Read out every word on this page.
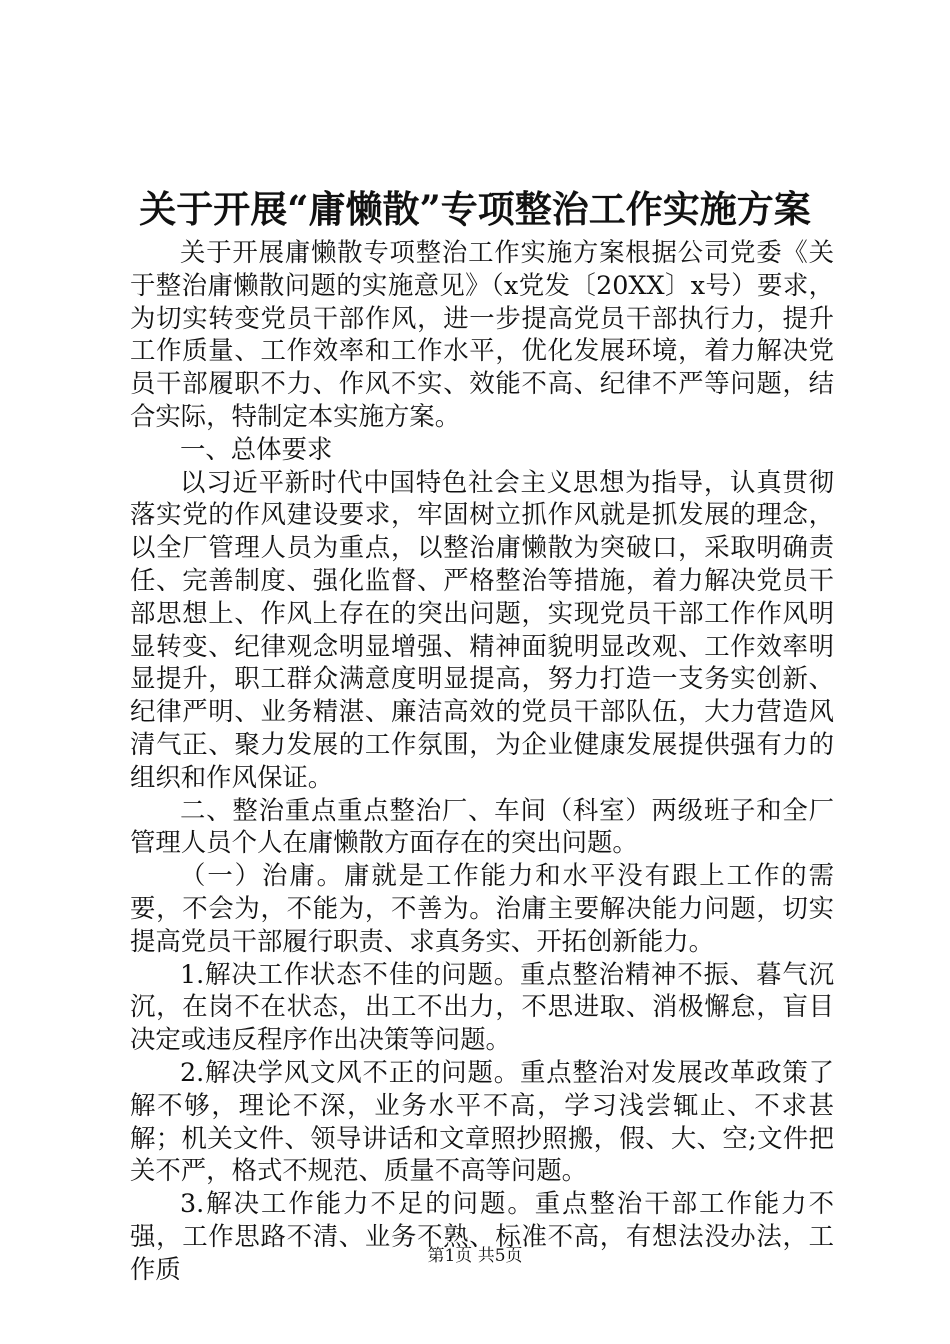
关于开展“庸懒散”专项整治工作实施方案

关于开展庸懒散专项整治工作实施方案根据公司党委《关于整治庸懒散问题的实施意见》（x党发〔20XX〕x号）要求，为切实转变党员干部作风，进一步提高党员干部执行力，提升工作质量、工作效率和工作水平，优化发展环境，着力解决党员干部履职不力、作风不实、效能不高、纪律不严等问题，结合实际，特制定本实施方案。

一、总体要求

以习近平新时代中国特色社会主义思想为指导，认真贯彻落实党的作风建设要求，牢固树立抓作风就是抓发展的理念，以全厂管理人员为重点，以整治庸懒散为突破口，采取明确责任、完善制度、强化监督、严格整治等措施，着力解决党员干部思想上、作风上存在的突出问题，实现党员干部工作作风明显转变、纪律观念明显增强、精神面貌明显改观、工作效率明显提升，职工群众满意度明显提高，努力打造一支务实创新、纪律严明、业务精湛、廉洁高效的党员干部队伍，大力营造风清气正、聚力发展的工作氛围，为企业健康发展提供强有力的组织和作风保证。

二、整治重点重点整治厂、车间（科室）两级班子和全厂管理人员个人在庸懒散方面存在的突出问题。

（一）治庸。庸就是工作能力和水平没有跟上工作的需要，不会为，不能为，不善为。治庸主要解决能力问题，切实提高党员干部履行职责、求真务实、开拓创新能力。

1.解决工作状态不佳的问题。重点整治精神不振、暮气沉沉，在岗不在状态，出工不出力，不思进取、消极懈怠，盲目决定或违反程序作出决策等问题。

2.解决学风文风不正的问题。重点整治对发展改革政策了解不够，理论不深，业务水平不高，学习浅尝辄止、不求甚解；机关文件、领导讲话和文章照抄照搬，假、大、空;文件把关不严，格式不规范、质量不高等问题。

3.解决工作能力不足的问题。重点整治干部工作能力不强，工作思路不清、业务不熟、标准不高，有想法没办法，工作质	第1页 共5页
